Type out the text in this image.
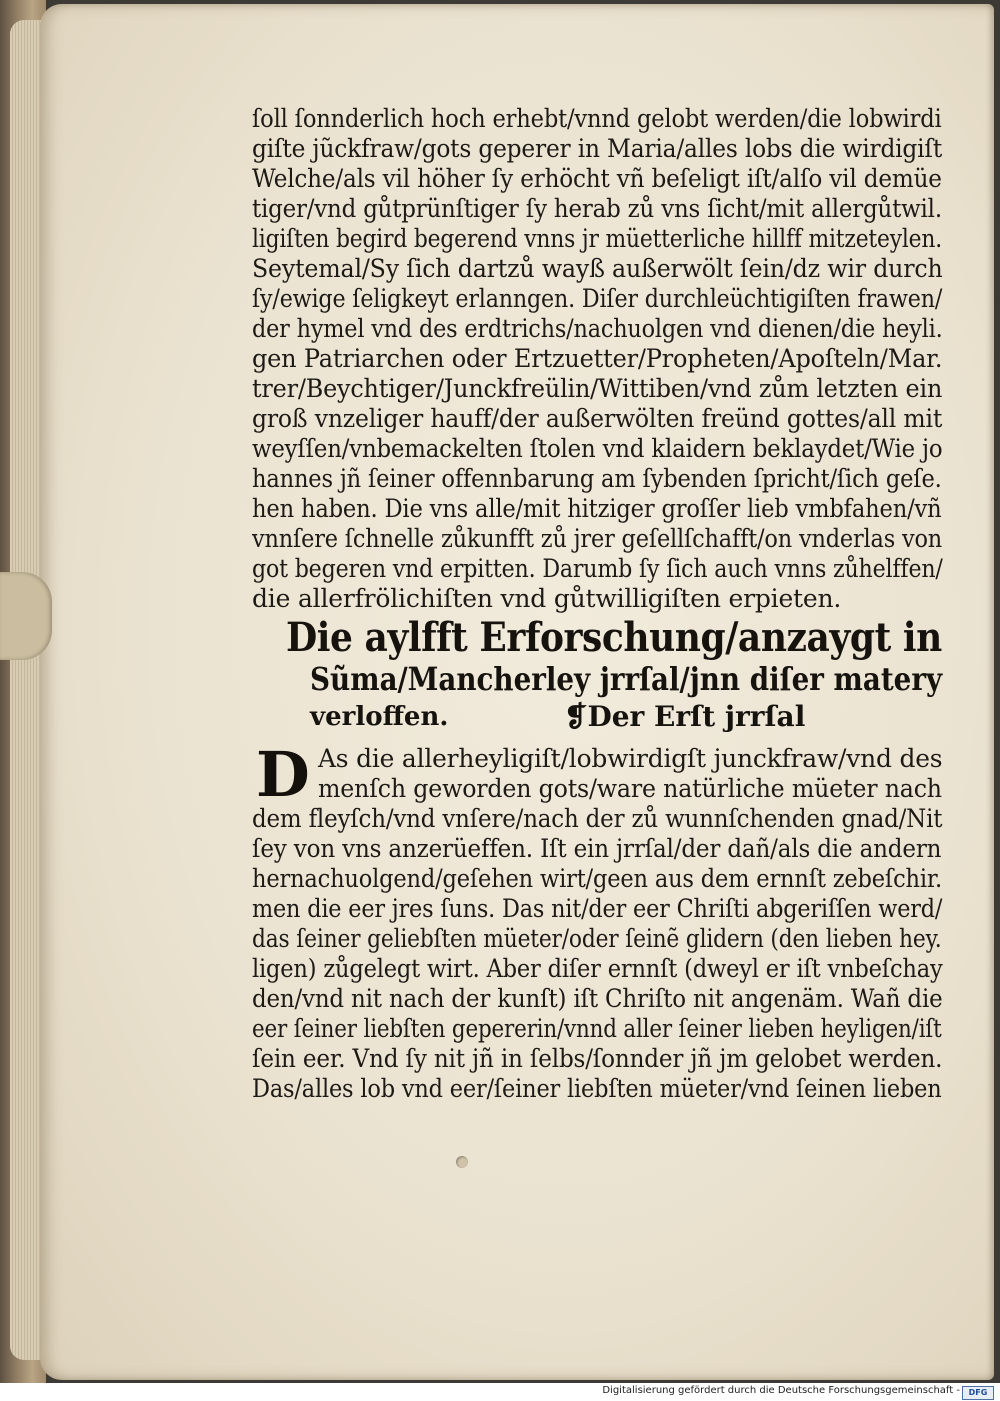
ſoll ſonnderlich hoch erhebt/vnnd gelobt werden/die lobwirdi
giſte jũckfraw/gots geperer in Maria/alles lobs die wirdigiſt
Welche/als vil höher ſy erhöcht vñ beſeligt iſt/alſo vil demüe
tiger/vnd gůtprünſtiger ſy herab zů vns ſicht/mit allergůtwil.
ligiſten begird begerend vnns jr müetterliche hillff mitzeteylen.
Seytemal/Sy ſich dartzů wayß außerwölt ſein/dz wir durch
ſy/ewige ſeligkeyt erlanngen. Diſer durchleüchtigiſten frawen/
der hymel vnd des erdtrichs/nachuolgen vnd dienen/die heyli.
gen Patriarchen oder Ertzuetter/Propheten/Apoſteln/Mar.
trer/Beychtiger/Junckfreülin/Wittiben/vnd zům letzten ein
groß vnzeliger hauff/der außerwölten freünd gottes/all mit
weyſſen/vnbemackelten ſtolen vnd klaidern beklaydet/Wie jo
hannes jñ ſeiner offennbarung am ſybenden ſpricht/ſich geſe.
hen haben. Die vns alle/mit hitziger groſſer lieb vmbfahen/vñ
vnnſere ſchnelle zůkunfft zů jrer geſellſchafft/on vnderlas von
got begeren vnd erpitten. Darumb ſy ſich auch vnns zůhelffen/
die allerfrölichiſten vnd gůtwilligiſten erpieten.
Die aylfft Erforschung/anzaygt in
Sũma/Mancherley jrrſal/jnn diſer matery
verloffen.	❡Der Erſt jrrſal
D As die allerheyligiſt/lobwirdigſt junckfraw/vnd des
menſch geworden gots/ware natürliche müeter nach
dem fleyſch/vnd vnſere/nach der zů wunnſchenden gnad/Nit
ſey von vns anzerüeffen. Iſt ein jrrſal/der dañ/als die andern
hernachuolgend/geſehen wirt/geen aus dem ernnſt zebeſchir.
men die eer jres ſuns. Das nit/der eer Chriſti abgeriſſen werd/
das ſeiner geliebſten müeter/oder ſeinẽ glidern (den lieben hey.
ligen) zůgelegt wirt. Aber diſer ernnſt (dweyl er iſt vnbeſchay
den/vnd nit nach der kunſt) iſt Chriſto nit angenäm. Wañ die
eer ſeiner liebſten gepererin/vnnd aller ſeiner lieben heyligen/iſt
ſein eer. Vnd ſy nit jñ in ſelbs/ſonnder jñ jm gelobet werden.
Das/alles lob vnd eer/ſeiner liebſten müeter/vnd ſeinen lieben
Digitalisierung gefördert durch die Deutsche Forschungsgemeinschaft -	DFG
